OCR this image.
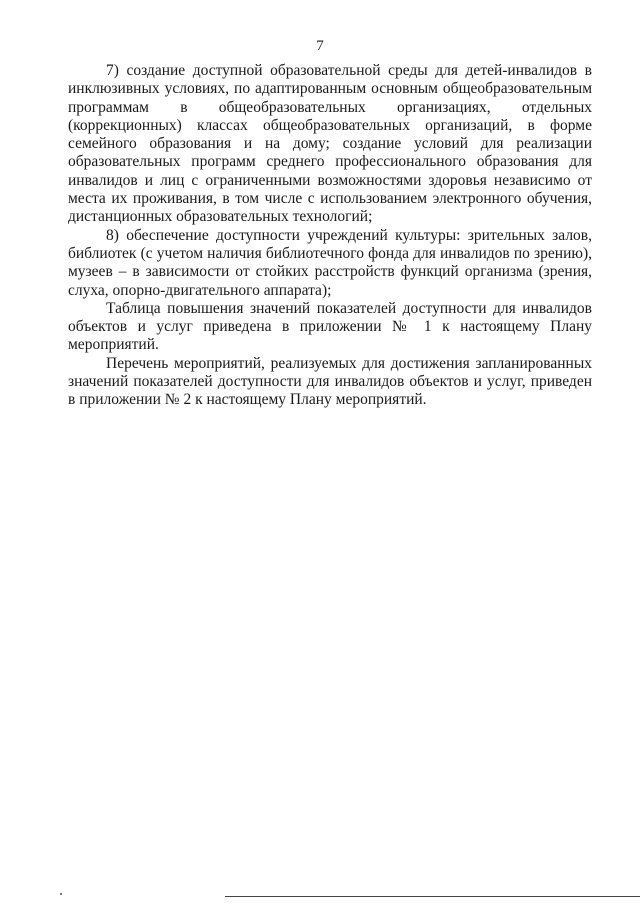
7

7) создание доступной образовательной среды для детей-инвалидов в инклюзивных условиях, по адаптированным основным общеобразовательным программам в общеобразовательных организациях, отдельных (коррекционных) классах общеобразовательных организаций, в форме семейного образования и на дому; создание условий для реализации образовательных программ среднего профессионального образования для инвалидов и лиц с ограниченными возможностями здоровья независимо от места их проживания, в том числе с использованием электронного обучения, дистанционных образовательных технологий;

8) обеспечение доступности учреждений культуры: зрительных залов, библиотек (с учетом наличия библиотечного фонда для инвалидов по зрению), музеев – в зависимости от стойких расстройств функций организма (зрения, слуха, опорно-двигательного аппарата);

Таблица повышения значений показателей доступности для инвалидов объектов и услуг приведена в приложении № 1 к настоящему Плану мероприятий.

Перечень мероприятий, реализуемых для достижения запланированных значений показателей доступности для инвалидов объектов и услуг, приведен в приложении № 2 к настоящему Плану мероприятий.
